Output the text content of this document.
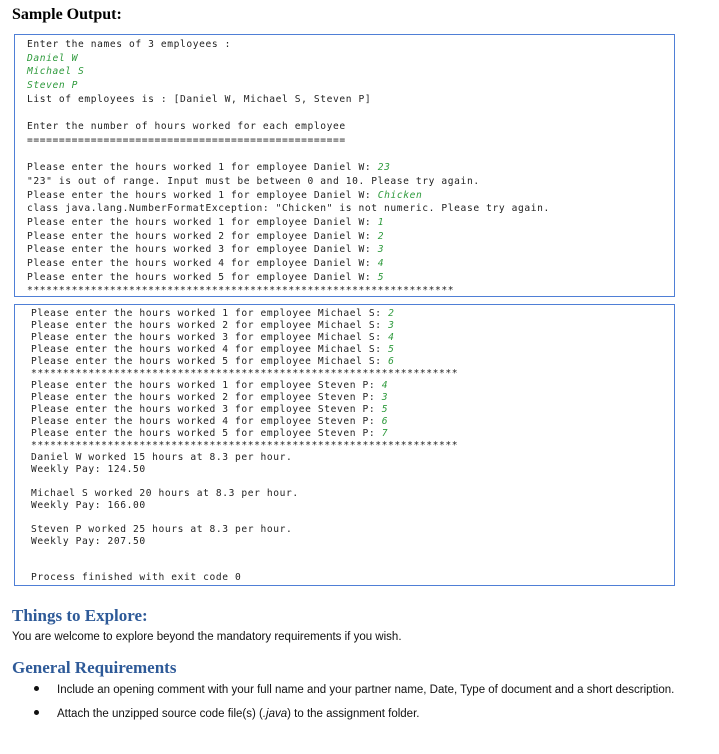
Sample Output:
Enter the names of 3 employees :
Daniel W
Michael S
Steven P
List of employees is : [Daniel W, Michael S, Steven P]
Enter the number of hours worked for each employee
==================================================
Please enter the hours worked 1 for employee Daniel W: 23
"23" is out of range. Input must be between 0 and 10. Please try again.
Please enter the hours worked 1 for employee Daniel W: Chicken
class java.lang.NumberFormatException: "Chicken" is not numeric. Please try again.
Please enter the hours worked 1 for employee Daniel W: 1
Please enter the hours worked 2 for employee Daniel W: 2
Please enter the hours worked 3 for employee Daniel W: 3
Please enter the hours worked 4 for employee Daniel W: 4
Please enter the hours worked 5 for employee Daniel W: 5
*******************************************************************
Please enter the hours worked 1 for employee Michael S: 2
Please enter the hours worked 2 for employee Michael S: 3
Please enter the hours worked 3 for employee Michael S: 4
Please enter the hours worked 4 for employee Michael S: 5
Please enter the hours worked 5 for employee Michael S: 6
*******************************************************************
Please enter the hours worked 1 for employee Steven P: 4
Please enter the hours worked 2 for employee Steven P: 3
Please enter the hours worked 3 for employee Steven P: 5
Please enter the hours worked 4 for employee Steven P: 6
Please enter the hours worked 5 for employee Steven P: 7
*******************************************************************
Daniel W worked 15 hours at 8.3 per hour.
Weekly Pay: 124.50
Michael S worked 20 hours at 8.3 per hour.
Weekly Pay: 166.00
Steven P worked 25 hours at 8.3 per hour.
Weekly Pay: 207.50
Process finished with exit code 0
Things to Explore:
You are welcome to explore beyond the mandatory requirements if you wish.
General Requirements
Include an opening comment with your full name and your partner name, Date, Type of document and a short description.
Attach the unzipped source code file(s) (.java) to the assignment folder.
